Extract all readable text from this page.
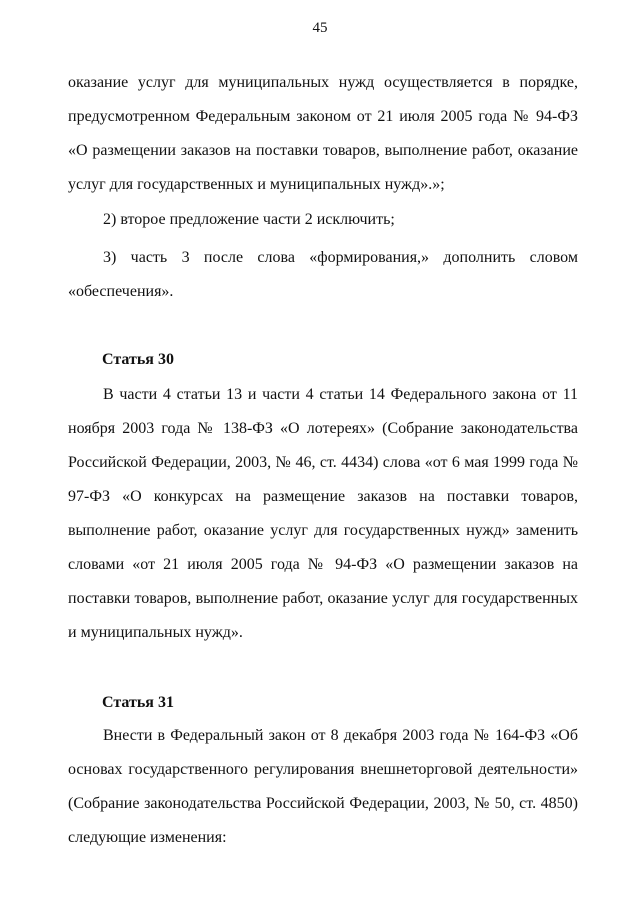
45

оказание услуг для муниципальных нужд осуществляется в порядке, предусмотренном Федеральным законом от 21 июля 2005 года № 94-ФЗ «О размещении заказов на поставки товаров, выполнение работ, оказание услуг для государственных и муниципальных нужд».»;

2) второе предложение части 2 исключить;

3) часть 3 после слова «формирования,» дополнить словом «обеспечения».

Статья 30

В части 4 статьи 13 и части 4 статьи 14 Федерального закона от 11 ноября 2003 года № 138-ФЗ «О лотереях» (Собрание законодательства Российской Федерации, 2003, № 46, ст. 4434) слова «от 6 мая 1999 года № 97-ФЗ «О конкурсах на размещение заказов на поставки товаров, выполнение работ, оказание услуг для государственных нужд» заменить словами «от 21 июля 2005 года № 94-ФЗ «О размещении заказов на поставки товаров, выполнение работ, оказание услуг для государственных и муниципальных нужд».

Статья 31

Внести в Федеральный закон от 8 декабря 2003 года № 164-ФЗ «Об основах государственного регулирования внешнеторговой деятельности» (Собрание законодательства Российской Федерации, 2003, № 50, ст. 4850) следующие изменения:
